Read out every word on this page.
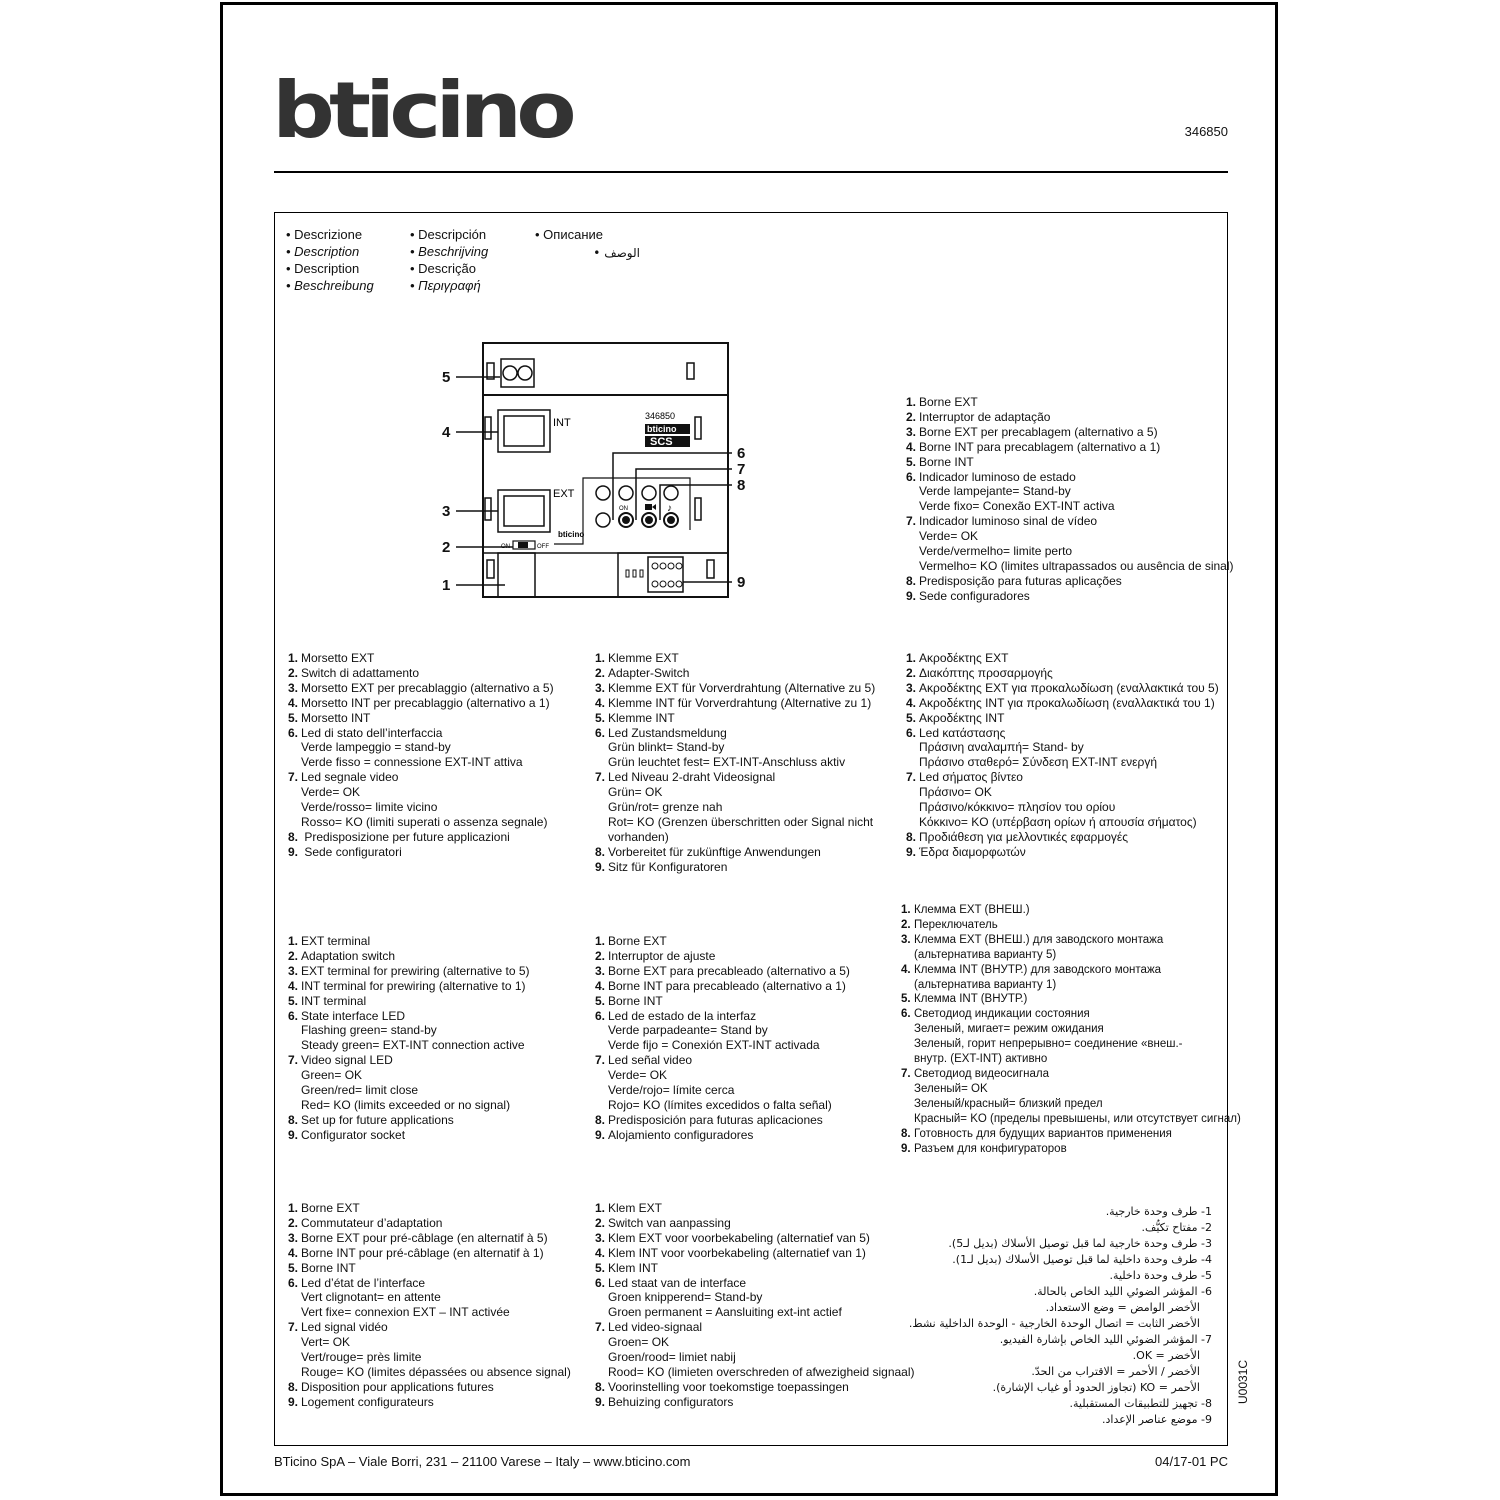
bticino	346850
• Descrizione
• Description
• Description
• Beschreibung
• Descripción
• Beschrijving
• Descrição
• Περιγραφή
• Описание
الوصف •
bticino
SCS
346850
INT
EXT
ON	OFF
ON
bticino
♪
5
4
3
2
1
6
7
8
9
1. Borne EXT
2. Interruptor de adaptação
3. Borne EXT per precablagem (alternativo a 5)
4. Borne INT para precablagem (alternativo a 1)
5. Borne INT
6. Indicador luminoso de estado
Verde lampejante= Stand-by
Verde fixo= Conexão EXT-INT activa
7. Indicador luminoso sinal de vídeo
Verde= OK
Verde/vermelho= limite perto
Vermelho= KO (limites ultrapassados ou ausência de sinal)
8. Predisposição para futuras aplicações
9. Sede configuradores
1. Morsetto EXT
2. Switch di adattamento
3. Morsetto EXT per precablaggio (alternativo a 5)
4. Morsetto INT per precablaggio (alternativo a 1)
5. Morsetto INT
6. Led di stato dell’interfaccia
Verde lampeggio = stand-by
Verde fisso = connessione EXT-INT attiva
7. Led segnale video
Verde= OK
Verde/rosso= limite vicino
Rosso= KO (limiti superati o assenza segnale)
8. Predisposizione per future applicazioni
9. Sede configuratori
1. Klemme EXT
2. Adapter-Switch
3. Klemme EXT für Vorverdrahtung (Alternative zu 5)
4. Klemme INT für Vorverdrahtung (Alternative zu 1)
5. Klemme INT
6. Led Zustandsmeldung
Grün blinkt= Stand-by
Grün leuchtet fest= EXT-INT-Anschluss aktiv
7. Led Niveau 2-draht Videosignal
Grün= OK
Grün/rot= grenze nah
Rot= KO (Grenzen überschritten oder Signal nicht
vorhanden)
8. Vorbereitet für zukünftige Anwendungen
9. Sitz für Konfiguratoren
1. Ακροδέκτης EXT
2. Διακόπτης προσαρμογής
3. Ακροδέκτης EXT για προκαλωδίωση (εναλλακτικά του 5)
4. Ακροδέκτης INT για προκαλωδίωση (εναλλακτικά του 1)
5. Ακροδέκτης INT
6. Led κατάστασης
Πράσινη αναλαμπή= Stand- by
Πράσινο σταθερό= Σύνδεση EXT-INT ενεργή
7. Led σήματος βίντεο
Πράσινο= OK
Πράσινο/κόκκινο= πλησίον του ορίου
Κόκκινο= KO (υπέρβαση ορίων ή απουσία σήματος)
8. Προδιάθεση για μελλοντικές εφαρμογές
9. Έδρα διαμορφωτών
1. Клемма EXT (ВНЕШ.)
2. Переключатель
3. Клемма EXT (ВНЕШ.) для заводского монтажа
(альтернатива варианту 5)
4. Клемма INT (ВНУТР.) для заводского монтажа
(альтернатива варианту 1)
5. Клемма INT (ВНУТР.)
6. Светодиод индикации состояния
Зеленый, мигает= режим ожидания
Зеленый, горит непрерывно= соединение «внеш.-
внутр. (EXT-INT) активно
7. Светодиод видеосигнала
Зеленый= OK
Зеленый/красный= близкий предел
Красный= KO (пределы превышены, или отсутствует сигнал)
8. Готовность для будущих вариантов применения
9. Разъем для конфигураторов
1. EXT terminal
2. Adaptation switch
3. EXT terminal for prewiring (alternative to 5)
4. INT terminal for prewiring (alternative to 1)
5. INT terminal
6. State interface LED
Flashing green= stand-by
Steady green= EXT-INT connection active
7. Video signal LED
Green= OK
Green/red= limit close
Red= KO (limits exceeded or no signal)
8. Set up for future applications
9. Configurator socket
1. Borne EXT
2. Interruptor de ajuste
3. Borne EXT para precableado (alternativo a 5)
4. Borne INT para precableado (alternativo a 1)
5. Borne INT
6. Led de estado de la interfaz
Verde parpadeante= Stand by
Verde fijo = Conexión EXT-INT activada
7. Led señal video
Verde= OK
Verde/rojo= límite cerca
Rojo= KO (límites excedidos o falta señal)
8. Predisposición para futuras aplicaciones
9. Alojamiento configuradores
1. Borne EXT
2. Commutateur d’adaptation
3. Borne EXT pour pré-câblage (en alternatif à 5)
4. Borne INT pour pré-câblage (en alternatif à 1)
5. Borne INT
6. Led d’état de l’interface
Vert clignotant= en attente
Vert fixe= connexion EXT – INT activée
7. Led signal vidéo
Vert= OK
Vert/rouge= près limite
Rouge= KO (limites dépassées ou absence signal)
8. Disposition pour applications futures
9. Logement configurateurs
1. Klem EXT
2. Switch van aanpassing
3. Klem EXT voor voorbekabeling (alternatief van 5)
4. Klem INT voor voorbekabeling (alternatief van 1)
5. Klem INT
6. Led staat van de interface
Groen knipperend= Stand-by
Groen permanent = Aansluiting ext-int actief
7. Led video-signaal
Groen= OK
Groen/rood= limiet nabij
Rood= KO (limieten overschreden of afwezigheid signaal)
8. Voorinstelling voor toekomstige toepassingen
9. Behuizing configurators
1- طرف وحدة خارجية.
2- مفتاح تكيُّف.
3- طرف وحدة خارجية لما قبل توصيل الأسلاك (بديل لـ5).
4- طرف وحدة داخلية لما قبل توصيل الأسلاك (بديل لـ1).
5- طرف وحدة داخلية.
6- المؤشر الضوئي الليد الخاص بالحالة.
الأخضر الوامض = وضع الاستعداد.
الأخضر الثابت = اتصال الوحدة الخارجية - الوحدة الداخلية نشط.
7- المؤشر الضوئي الليد الخاص بإشارة الفيديو.
الأخضر = OK.
الأخضر / الأحمر = الاقتراب من الحدّ.
الأحمر = KO (تجاوز الحدود أو غياب الإشارة).
8- تجهيز للتطبيقات المستقبلية.
9- موضع عناصر الإعداد.
BTicino SpA – Viale Borri, 231 – 21100 Varese – Italy – www.bticino.com	04/17-01 PC
U0031C
